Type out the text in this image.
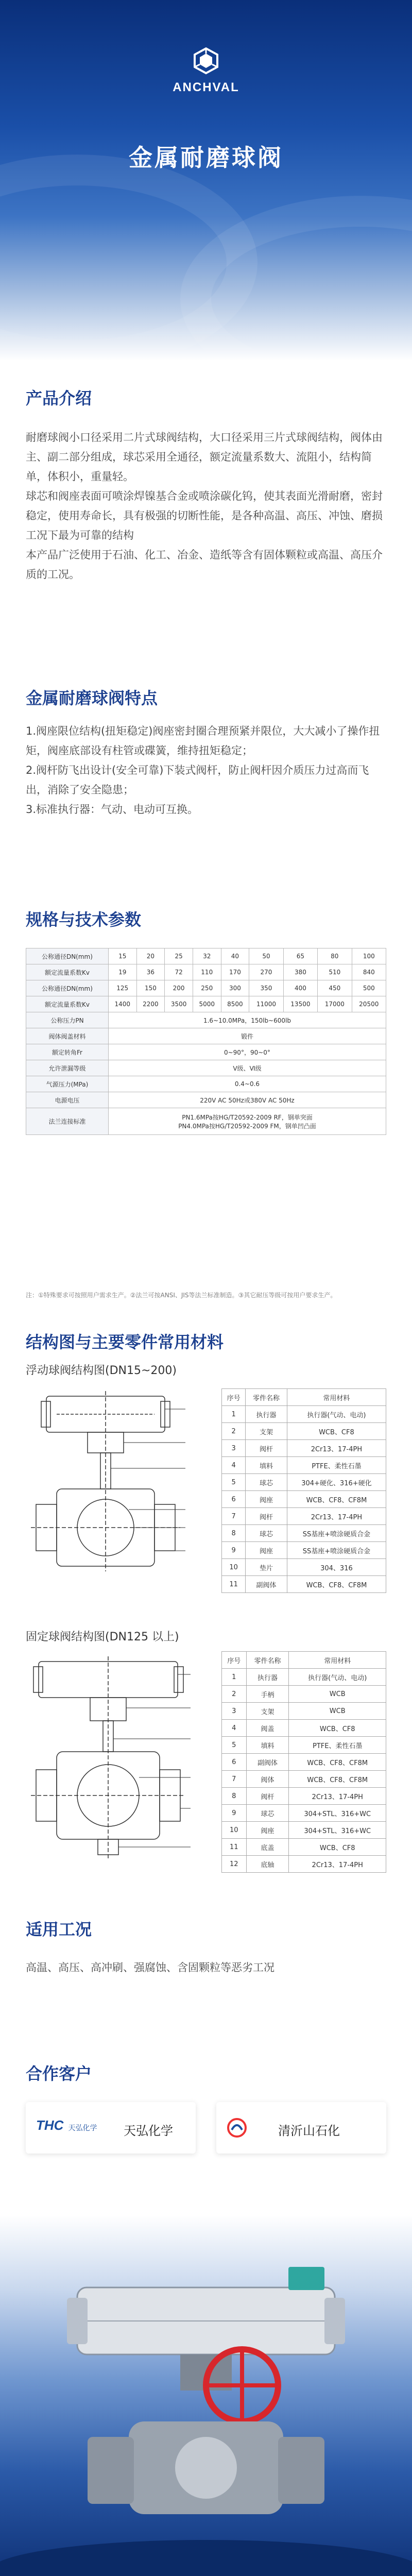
ANCHVAL
金属耐磨球阀
产品介绍

耐磨球阀小口径采用二片式球阀结构，大口径采用三片式球阀结构，阀体由主、副二部分组成，球芯采用全通径，额定流量系数大、流阻小，结构简单，体积小，重量轻。

球芯和阀座表面可喷涂焊镍基合金或喷涂碳化钨，使其表面光滑耐磨，密封稳定，使用寿命长，具有极强的切断性能，是各种高温、高压、冲蚀、磨损工况下最为可靠的结构

本产品广泛使用于石油、化工、冶金、造纸等含有固体颗粒或高温、高压介质的工况。

金属耐磨球阀特点

1.阀座限位结构(扭矩稳定)阀座密封圈合理预紧并限位，大大减小了操作扭矩，阀座底部设有柱管或碟簧，维持扭矩稳定；

2.阀杆防飞出设计(安全可靠)下装式阀杆，防止阀杆因介质压力过高而飞出，消除了安全隐患；

3.标准执行器：气动、电动可互换。

规格与技术参数
公称通径DN(mm)	15	20	25	32	40	50	65	80	100
额定流量系数Kv	19	36	72	110	170	270	380	510	840
公称通径DN(mm)	125	150	200	250	300	350	400	450	500
额定流量系数Kv	1400	2200	3500	5000	8500	11000	13500	17000	20500
公称压力PN	1.6~10.0MPa，150lb~600lb								
阀体阀盖材料	锻件								
额定转角Fr	0~90°，90~0°								
允许泄漏等级	Ⅴ级、Ⅵ级								
气源压力(MPa)	0.4~0.6								
电源电压	220V AC 50Hz或380V AC 50Hz								
法兰连接标准	PN1.6MPa按HG/T20592-2009 RF，钢单突面
PN4.0MPa按HG/T20592-2009 FM，钢单凹凸面								
注：①特殊要求可按照用户需求生产。②法兰可按ANSI、JIS等法兰标准制造。③其它耐压等级可按用户要求生产。
结构图与主要零件常用材料
浮动球阀结构图(DN15~200)
序号	零件名称	常用材料
1	执行器	执行器(气动、电动)
2	支架	WCB、CF8
3	阀杆	2Cr13、17-4PH
4	填料	PTFE、柔性石墨
5	球芯	304+硬化、316+硬化
6	阀座	WCB、CF8、CF8M
7	阀杆	2Cr13、17-4PH
8	球芯	SS基座+喷涂硬质合金
9	阀座	SS基座+喷涂硬质合金
10	垫片	304、316
11	副阀体	WCB、CF8、CF8M
固定球阀结构图(DN125 以上)
序号	零件名称	常用材料
1	执行器	执行器(气动、电动)
2	手柄	WCB
3	支架	WCB
4	阀盖	WCB、CF8
5	填料	PTFE、柔性石墨
6	副阀体	WCB、CF8、CF8M
7	阀体	WCB、CF8、CF8M
8	阀杆	2Cr13、17-4PH
9	球芯	304+STL、316+WC
10	阀座	304+STL、316+WC
11	底盖	WCB、CF8
12	底轴	2Cr13、17-4PH
适用工况
高温、高压、高冲刷、强腐蚀、含固颗粒等恶劣工况
合作客户
THC 天弘化学 天弘化学	清沂山石化
